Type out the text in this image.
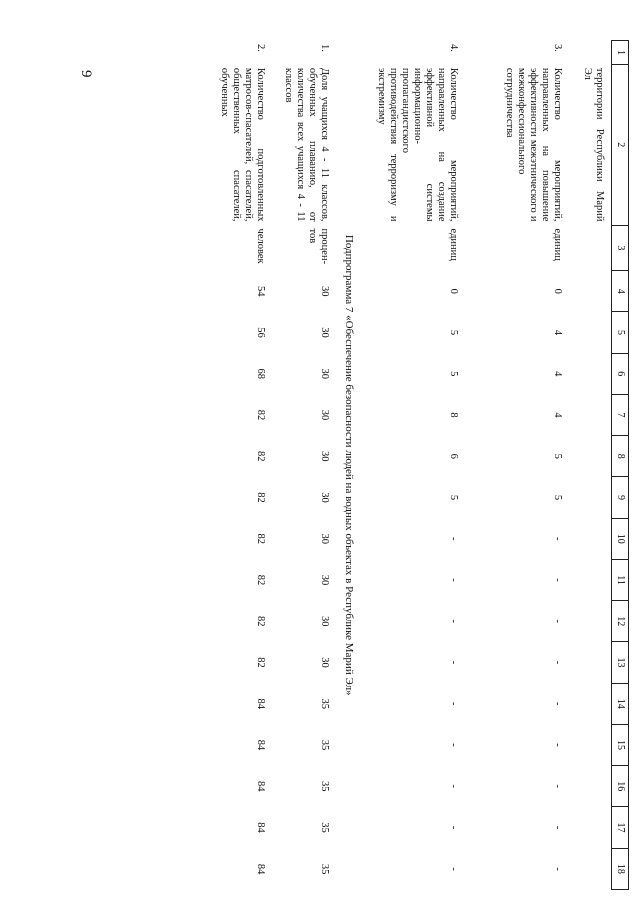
9
1	2	3	4	5	6	7	8	9	10	11	12	13	14	15	16	17	18
	территории Республики Марий Эл																
3.	Количество мероприятий, направленных на повышение эффективности межэтнического и межконфессионального сотрудничества	единиц	0	4	4	4	5	5	-	-	-	-	-	-	-	-	-
4.	Количество мероприятий, направленных на создание эффективной системы информационно-пропагандистского противодействия терроризму и экстремизму	единиц	0	5	5	8	6	5	-	-	-	-	-	-	-	-	-
Подпрограмма 7 «Обеспечение безопасности людей на водных объектах в Республике Марий Эл»																	
1.	Доля учащихся 4 - 11 классов, обученных плаванию, от количества всех учащихся 4 - 11 классов	процен-тов	30	30	30	30	30	30	30	30	30	30	35	35	35	35	35
2.	Количество подготовленных матросов-спасателей, спасателей, общественных спасателей, обученных	человек	54	56	68	82	82	82	82	82	82	82	84	84	84	84	84
